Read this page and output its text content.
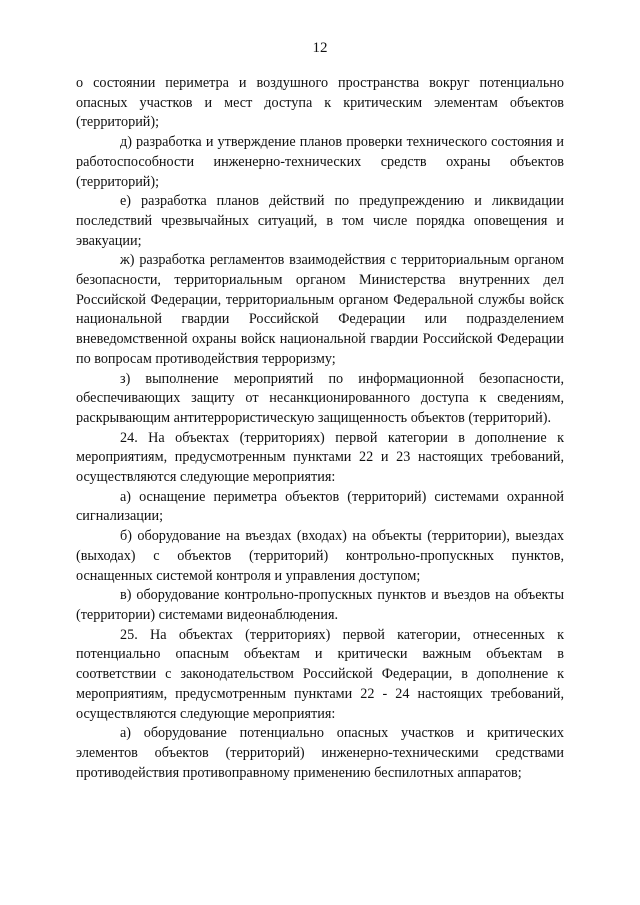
12

о состоянии периметра и воздушного пространства вокруг потенциально опасных участков и мест доступа к критическим элементам объектов (территорий);

д) разработка и утверждение планов проверки технического состояния и работоспособности инженерно-технических средств охраны объектов (территорий);

е) разработка планов действий по предупреждению и ликвидации последствий чрезвычайных ситуаций, в том числе порядка оповещения и эвакуации;

ж) разработка регламентов взаимодействия с территориальным органом безопасности, территориальным органом Министерства внутренних дел Российской Федерации, территориальным органом Федеральной службы войск национальной гвардии Российской Федерации или подразделением вневедомственной охраны войск национальной гвардии Российской Федерации по вопросам противодействия терроризму;

з) выполнение мероприятий по информационной безопасности, обеспечивающих защиту от несанкционированного доступа к сведениям, раскрывающим антитеррористическую защищенность объектов (территорий).

24. На объектах (территориях) первой категории в дополнение к мероприятиям, предусмотренным пунктами 22 и 23 настоящих требований, осуществляются следующие мероприятия:

а) оснащение периметра объектов (территорий) системами охранной сигнализации;

б) оборудование на въездах (входах) на объекты (территории), выездах (выходах) с объектов (территорий) контрольно-пропускных пунктов, оснащенных системой контроля и управления доступом;

в) оборудование контрольно-пропускных пунктов и въездов на объекты (территории) системами видеонаблюдения.

25. На объектах (территориях) первой категории, отнесенных к потенциально опасным объектам и критически важным объектам в соответствии с законодательством Российской Федерации, в дополнение к мероприятиям, предусмотренным пунктами 22 - 24 настоящих требований, осуществляются следующие мероприятия:

а) оборудование потенциально опасных участков и критических элементов объектов (территорий) инженерно-техническими средствами противодействия противоправному применению беспилотных аппаратов;
